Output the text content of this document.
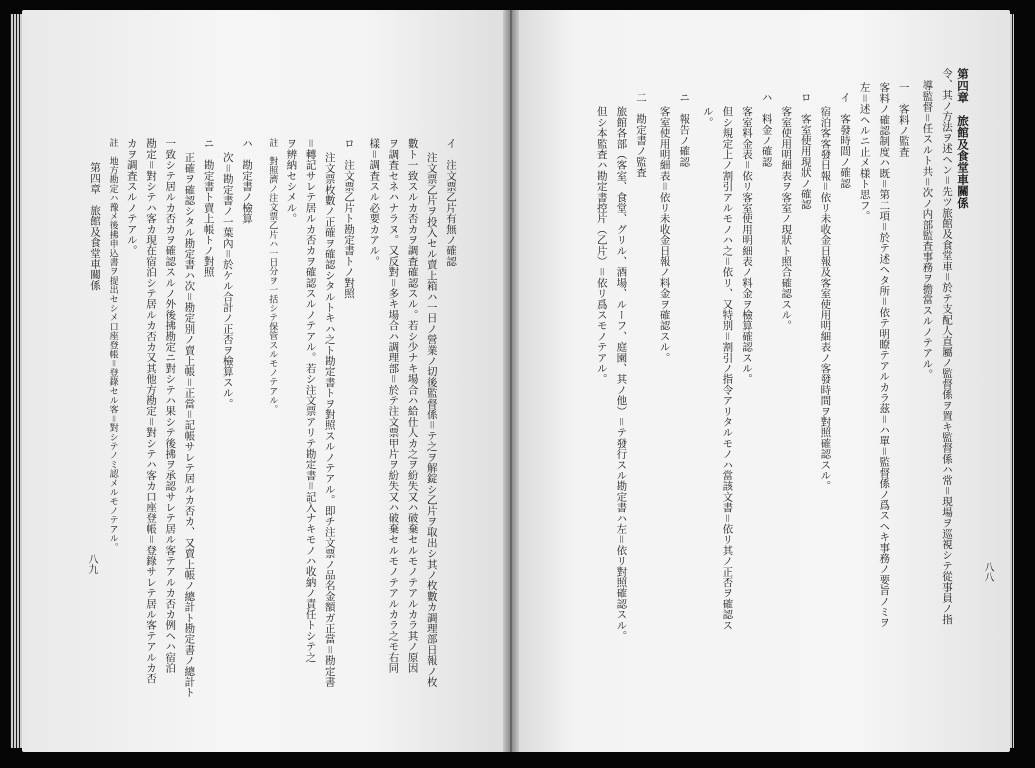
イ　注文票乙片有無ノ確認
注文票乙片ヲ投入セル賣上箱ハ一日ノ營業ノ切後監督係＝テ之ヲ解錠シ乙片ヲ取出シ其ノ枚數カ調理部日報ノ枚
數ト一致スルカ否カヲ調査確認スル。若シ少ナキ場合ハ給仕人カ之ヲ紛失又ハ破棄セルモノテアルカラ其ノ原因
ヲ調査セネハナラヌ。又反對＝多キ場合ハ調理部＝於テ注文票甲片ヲ紛失又ハ破棄セルモノテアルカラ之モ右同
樣＝調査スル必要カアル。
ロ　注文票乙片ト勘定書トノ對照
注文票枚數ノ正確ヲ確認シタルトキハ之ト勘定書トヲ對照スルノテアル。即チ注文票ノ品名金額ガ正當＝勘定書
＝轉記サレテ居ルカ否カヲ確認スルノテアル。若シ注文票アリテ勘定書＝記入ナキモノハ收納ノ責任トシテ之
ヲ辨納セシメル。
註　對照濟ノ注文票乙片ハ一日分ヲ一括シテ保管スルモノテアル。
ハ　勘定書ノ檢算
次＝勘定書ノ一葉內＝於ケル合計ノ正否ヲ檢算スル。
ニ　勘定書ト賣上帳トノ對照
正確ヲ確認シタル勘定書ハ次＝勘定別ノ賣上帳＝正當＝記帳サレテ居ルカ否カ、又賣上帳ノ總計ト勘定書ノ總計ト
一致シテ居ルカ否カヲ確認スルノ外後拂勘定ニ對シテハ果シテ後拂ヲ承認サレテ居ル客テアルカ否カ例ヘハ宿泊
勘定＝對シテハ客カ現在宿泊シテ居ルカ否カ又其他方勘定＝對シテハ客カ口座登帳＝登錄サレテ居ル客テアルカ否
カヲ調査スルノテアル。
註　地方勘定ハ豫メ後拂申込書ヲ提出セシメ口座登帳＝登錄セル客＝對シテノミ認メルモノテアル。
第四章　旅館及食堂車關係
八九
第四章　旅館及食堂車關係
令、其ノ方法ヲ述ヘン＝先ツ旅館及食堂車＝於テ支配人直屬ノ監督係ヲ置キ監督係ハ常＝現場ヲ巡視シテ從事員ノ指
導監督＝任スルト共＝次ノ内部監査事務ヲ擔當スルノテアル。
一　客料ノ監査
客料ノ確認制度ハ既＝第二項＝於テ述ヘタ所＝依テ明瞭テアルカラ茲＝ハ單＝監督係ノ爲スヘキ事務ノ要旨ノミヲ
左＝述ヘルニ止メ様ト思フ。
イ　客發時間ノ確認
宿泊客客發日報＝依リ未收金日報及客室使用明細表ノ客發時間ヲ對照確認スル。
ロ　客室使用現狀ノ確認
客室使用明細表ヲ客室ノ現狀ト照合確認スル。
ハ　料金ノ確認
客室料金表＝依リ客室使用明細表ノ料金ヲ檢算確認スル。
但シ規定上ノ割引アルモノハ之＝依リ、又特別＝割引ノ指令アリタルモノハ當該文書＝依リ其ノ正否ヲ確認ス
ル。
ニ　報告ノ確認
客室使用明細表＝依リ未收金日報ノ料金ヲ確認スル。
二　勘定書ノ監査
旅館各部（客室、食堂、グリル、酒場、ルーフ、庭園、其ノ他）＝テ發行スル勘定書ハ左＝依リ對照確認スル。
但シ本監査ハ勘定書控片（乙片）＝依リ爲スモノテアル。
八八
